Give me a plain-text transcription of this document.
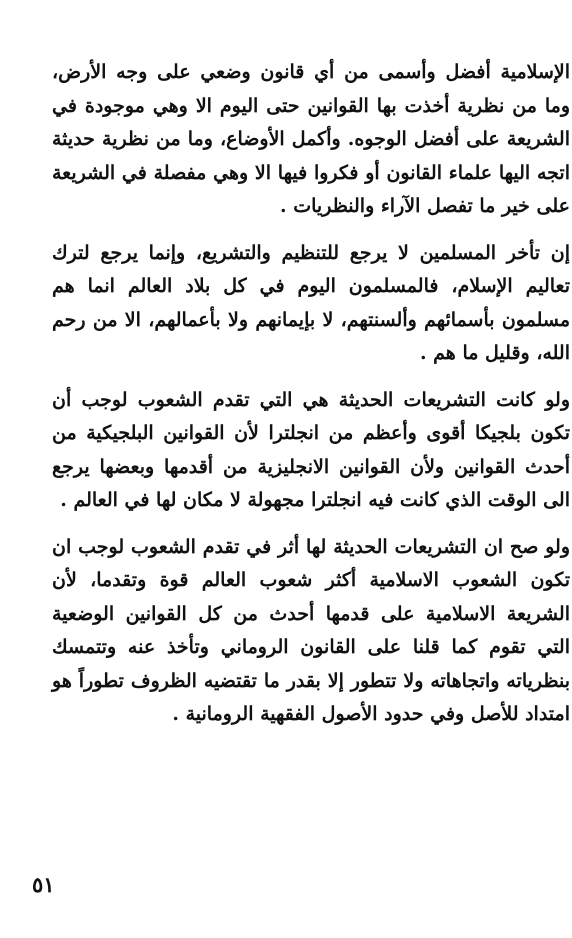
الإسلامية أفضل وأسمى من أي قانون وضعي على وجه الأرض، وما من نظرية أخذت بها القوانين حتى اليوم الا وهي موجودة في الشريعة على أفضل الوجوه. وأكمل الأوضاع، وما من نظرية حديثة اتجه اليها علماء القانون أو فكروا فيها الا وهي مفصلة في الشريعة على خير ما تفصل الآراء والنظريات .

إن تأخر المسلمين لا يرجع للتنظيم والتشريع، وإنما يرجع لترك تعاليم الإسلام، فالمسلمون اليوم في كل بلاد العالم انما هم مسلمون بأسمائهم وألسنتهم، لا بإيمانهم ولا بأعمالهم، الا من رحم الله، وقليل ما هم .

ولو كانت التشريعات الحديثة هي التي تقدم الشعوب لوجب أن تكون بلجيكا أقوى وأعظم من انجلترا لأن القوانين البلجيكية من أحدث القوانين ولأن القوانين الانجليزية من أقدمها وبعضها يرجع الى الوقت الذي كانت فيه انجلترا مجهولة لا مكان لها في العالم .

ولو صح ان التشريعات الحديثة لها أثر في تقدم الشعوب لوجب ان تكون الشعوب الاسلامية أكثر شعوب العالم قوة وتقدما، لأن الشريعة الاسلامية على قدمها أحدث من كل القوانين الوضعية التي تقوم كما قلنا على القانون الروماني وتأخذ عنه وتتمسك بنظرياته واتجاهاته ولا تتطور إلا بقدر ما تقتضيه الظروف تطوراً هو امتداد للأصل وفي حدود الأصول الفقهية الرومانية .

٥١
